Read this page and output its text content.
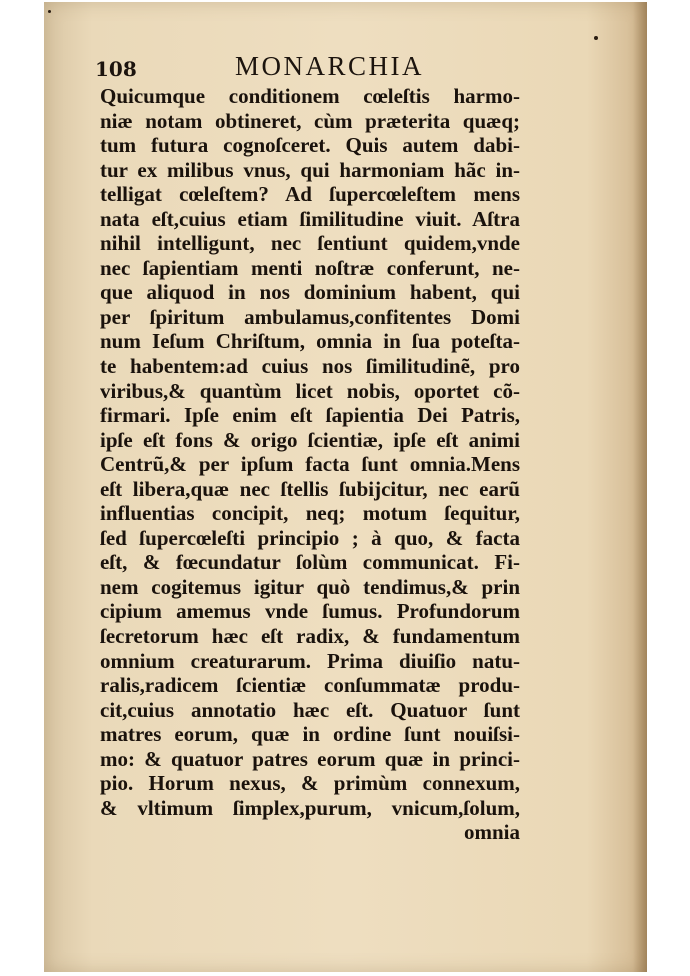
108	MONARCHIA
Quicumque conditionem cœleſtis harmo-
niæ notam obtineret, cùm præterita quæq;
tum futura cognoſceret. Quis autem dabi-
tur ex milibus vnus, qui harmoniam hãc in-
telligat cœleſtem? Ad ſupercœleſtem mens
nata eſt,cuius etiam ſimilitudine viuit. Aſtra
nihil intelligunt, nec ſentiunt quidem,vnde
nec ſapientiam menti noſtræ conferunt, ne-
que aliquod in nos dominium habent, qui
per ſpiritum ambulamus,confitentes Domi
num Ieſum Chriſtum, omnia in ſua poteſta-
te habentem:ad cuius nos ſimilitudinẽ, pro
viribus,& quantùm licet nobis, oportet cõ-
firmari. Ipſe enim eſt ſapientia Dei Patris,
ipſe eſt fons & origo ſcientiæ, ipſe eſt animi
Centrũ,& per ipſum facta ſunt omnia.Mens
eſt libera,quæ nec ſtellis ſubijcitur, nec earũ
influentias concipit, neq; motum ſequitur,
ſed ſupercœleſti principio ; à quo, & facta
eſt, & fœcundatur ſolùm communicat. Fi-
nem cogitemus igitur quò tendimus,& prin
cipium amemus vnde ſumus. Profundorum
ſecretorum hæc eſt radix, & fundamentum
omnium creaturarum. Prima diuiſio natu-
ralis,radicem ſcientiæ conſummatæ produ-
cit,cuius annotatio hæc eſt. Quatuor ſunt
matres eorum, quæ in ordine ſunt nouiſsi-
mo: & quatuor patres eorum quæ in princi-
pio. Horum nexus, & primùm connexum,
& vltimum ſimplex,purum, vnicum,ſolum,
omnia
